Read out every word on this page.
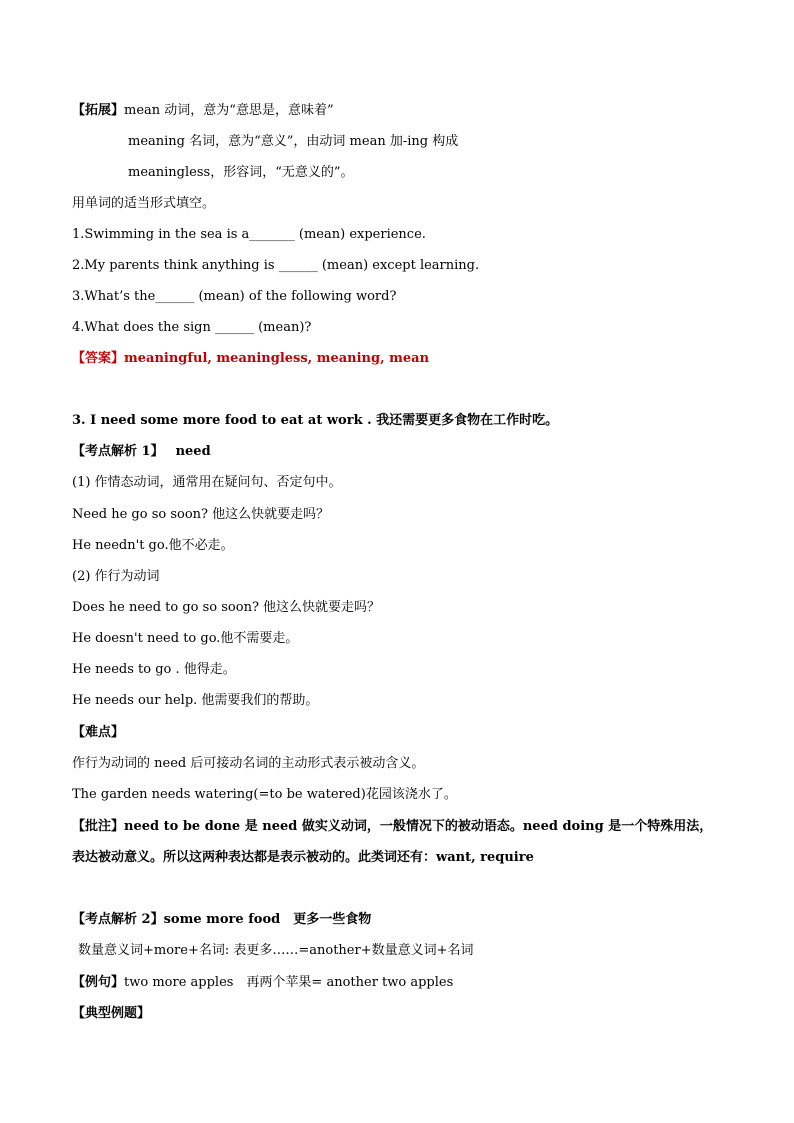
【拓展】mean 动词，意为“意思是，意味着”
meaning 名词，意为“意义”，由动词 mean 加-ing 构成
meaningless，形容词，“无意义的”。
用单词的适当形式填空。
1.Swimming in the sea is a_______ (mean) experience.
2.My parents think anything is ______ (mean) except learning.
3.What’s the______ (mean) of the following word?
4.What does the sign ______ (mean)?
【答案】meaningful, meaningless, meaning, mean
3. I need some more food to eat at work . 我还需要更多食物在工作时吃。
【考点解析 1】 need
(1) 作情态动词，通常用在疑问句、否定句中。
Need he go so soon? 他这么快就要走吗？
He needn't go.他不必走。
(2) 作行为动词
Does he need to go so soon? 他这么快就要走吗？
He doesn't need to go.他不需要走。
He needs to go . 他得走。
He needs our help. 他需要我们的帮助。
【难点】
作行为动词的 need 后可接动名词的主动形式表示被动含义。
The garden needs watering(=to be watered)花园该浇水了。
【批注】need to be done 是 need 做实义动词，一般情况下的被动语态。need doing 是一个特殊用法，表达被动意义。所以这两种表达都是表示被动的。此类词还有：want, require
【考点解析 2】some more food　更多一些食物
数量意义词+more+名词: 表更多……=another+数量意义词+名词
【例句】two more apples　再两个苹果= another two apples
【典型例题】
